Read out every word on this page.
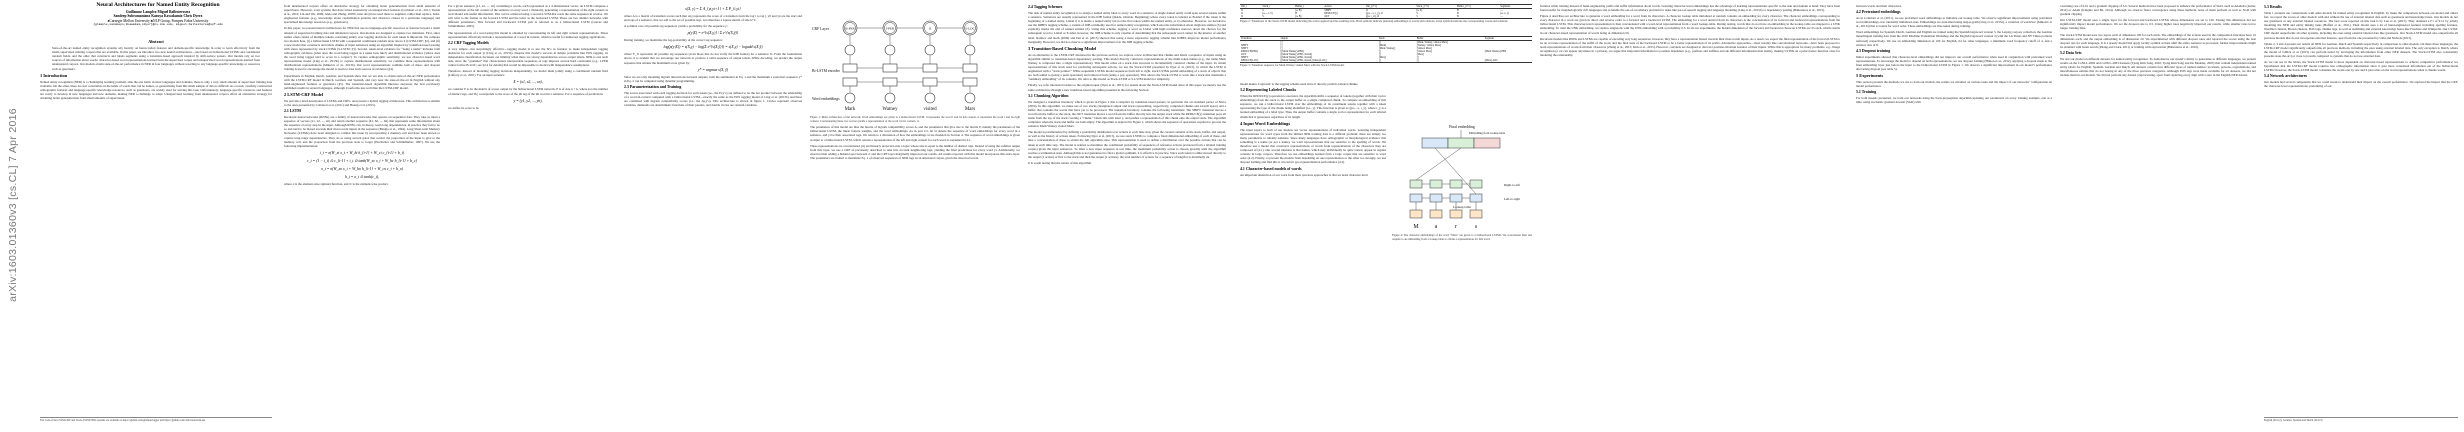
arXiv:1603.01360v3 [cs.CL] 7 Apr 2016
Neural Architectures for Named Entity Recognition
Guillaume Lample♠ Miguel Ballesteros♣♠
Sandeep Subramanian♠ Kazuya Kawakami♠ Chris Dyer♠
♠Carnegie Mellon University ♣NLP Group, Pompeu Fabra University
{glample,sandeeps,kkawakam,cdyer}@cs.cmu.edu, miguel.ballesteros@upf.edu
Abstract
State-of-the-art named entity recognition systems rely heavily on hand-crafted features and domain-specific knowledge in order to learn effectively from the small, supervised training corpora that are available. In this paper, we introduce two new neural architectures—one based on bidirectional LSTMs and conditional random fields, and the other that constructs and labels segments using a transition-based approach inspired by shift-reduce parsers. Our models rely on two sources of information about words: character-based word representations learned from the supervised corpus and unsupervised word representations learned from unannotated corpora. Our models obtain state-of-the-art performance in NER in four languages without resorting to any language-specific knowledge or resources such as gazetteers.
1 Introduction
Named entity recognition (NER) is a challenging learning problem. One the one hand, in most languages and domains, there is only a very small amount of supervised training data available. On the other, there are few constraints on the kinds of words that can be names, so generalizing from this small sample of data is difficult. As a result, carefully constructed orthographic features and language-specific knowledge resources, such as gazetteers, are widely used for solving this task. Unfortunately, language-specific resources and features are costly to develop in new languages and new domains, making NER a challenge to adapt. Unsupervised learning from unannotated corpora offers an alternative strategy for obtaining better generalization from small amounts of supervision.
The code of the LSTM-CRF and Stack-LSTM NER systems are available at https://github.com/glample/tagger and https://github.com/clab/stack-lstm-ner
from unannotated corpora offers an alternative strategy for obtaining better generalization from small amounts of supervision. However, even systems that have relied extensively on unsupervised features (Collobert et al., 2011; Turian et al., 2010; Lin and Wu, 2009; Ando and Zhang, 2005b, inter alia) have used these to augment, rather than replace, hand-engineered features (e.g., knowledge about capitalization patterns and character classes in a particular language) and specialized knowledge resources (e.g., gazetteers).
In this paper, we present neural architectures for NER that use no language-specific resources or features beyond a small amount of supervised training data and unlabeled corpora. Our models are designed to capture two intuitions. First, since names often consist of multiple tokens, reasoning jointly over tagging decisions for each token is important. We compare two models here, (i) a bidirectional LSTM with a sequential conditional random layer above it (LSTM-CRF; §2), and (ii) a new model that constructs and labels chunks of input sentences using an algorithm inspired by transition-based parsing with states represented by stack LSTMs (S-LSTM; §3). Second, token-level evidence for “being a name” includes both orthographic evidence (what does the word being tagged as a name look like?) and distributional evidence (where does the word being tagged tend to occur in a corpus?). To capture orthographic sensitivity, we use character-based word representation model (Ling et al., 2015b) to capture distributional sensitivity, we combine these representations with distributional representations (Mikolov et al., 2013b). Our word representations combine both of these, and dropout training is used to encourage the model to learn to trust both sources of evidence (§4).
Experiments in English, Dutch, German, and Spanish show that we are able to obtain state-of-the-art NER performance with the LSTM-CRF model in Dutch, German, and Spanish, and very near the state-of-the-art in English without any hand-engineered features or gazetteers (§5). The transition-based algorithm likewise surpasses the best previously published results in several languages, although it performs less well than the LSTM-CRF model.
2 LSTM-CRF Model
We provide a brief description of LSTMs and CRFs, and present a hybrid tagging architecture. This architecture is similar to the ones presented by Collobert et al. (2011) and Huang et al. (2015).
2.1 LSTM
Recurrent neural networks (RNNs) are a family of neural networks that operate on sequential data. They take as input a sequence of vectors (x1, x2, ..., xn) and return another sequence (h1, h2, ..., hn) that represents some information about the sequence at every step in the input. Although RNNs can, in theory, learn long dependencies, in practice they fail to do so and tend to be biased towards their most recent inputs in the sequence (Bengio et al., 1994). Long Short-term Memory Networks (LSTMs) have been designed to combat this issue by incorporating a memory-cell and have been shown to capture long-range dependencies. They do so using several gates that control the proportion of the input to give to the memory cell, and the proportion from the previous state to forget (Hochreiter and Schmidhuber, 1997). We use the following implementation:
i_t = σ(W_xi x_t + W_hi h_{t-1} + W_ci c_{t-1} + b_i)
c_t = (1 − i_t) ⊙ c_{t-1} + i_t ⊙ tanh(W_xc x_t + W_hc h_{t-1} + b_c)
o_t = σ(W_xo x_t + W_ho h_{t-1} + W_co c_t + b_o)
h_t = o_t ⊙ tanh(c_t),
where σ is the element-wise sigmoid function, and ⊙ is the element-wise product.
For a given sentence (x1, x2, ..., xn) containing n words, each represented as a d-dimensional vector, an LSTM computes a representation of the left context of the sentence at every word t. Naturally, generating a representation of the right context as well should add useful information. This can be achieved using a second LSTM that reads the same sequence in reverse. We will refer to the former as the forward LSTM and the latter as the backward LSTM. These are two distinct networks with different parameters. This forward and backward LSTM pair is referred to as a bidirectional LSTM (Graves and Schmidhuber, 2005).
The representation of a word using this model is obtained by concatenating its left and right context representations. These representations effectively include a representation of a word in context, which is useful for numerous tagging applications.
2.2 CRF Tagging Models
A very simple—but surprisingly effective—tagging model is to use the ht’s as features to make independent tagging decisions for each output yt (Ling et al., 2015b). Despite this model’s success in simple problems like POS tagging, its independent classification decisions are limiting when there are strong dependencies across output labels. NER is one such task, since the “grammar” that characterizes interpretable sequences of tags imposes several hard constraints (e.g., I-PER cannot follow B-LOC; see §2.4 for details) that would be impossible to model with independence assumptions.
Therefore, instead of modeling tagging decisions independently, we model them jointly using a conditional random field (Lafferty et al., 2001). For an input sentence
X = (x1, x2, ..., xn),
we consider P to be the matrix of scores output by the bidirectional LSTM network. P is of size n × k, where k is the number of distinct tags, and Pi,j corresponds to the score of the jth tag of the ith word in a sentence. For a sequence of predictions
y = (y1, y2, ..., yn),
we define its score to be
s(X, y) = Σ A_{yi,yi+1} + Σ P_{i,yi}
where A is a matrix of transition scores such that Ai,j represents the score of a transition from the tag i to tag j. y0 and yn are the start and end tags of a sentence, that we add to the set of possible tags. A is therefore a square matrix of size k+2.
A softmax over all possible tag sequences yields a probability for the sequence y:
p(y|X) = e^{s(X,y)} / Σ e^{s(X,ỹ)}
During training, we maximize the log-probability of the correct tag sequence:
log(p(y|X)) = s(X,y) − log(Σ e^{s(X,ỹ)}) = s(X,y) − logadd s(X,ỹ)
where Y_X represents all possible tag sequences (even those that do not verify the IOB format) for a sentence X. From the formulation above, it is evident that we encourage our network to produce a valid sequence of output labels. While decoding, we predict the output sequence that obtains the maximum score given by:
y* = argmax s(X, ỹ)
Since we are only modeling bigram interactions between outputs, both the summation in Eq. 1 and the maximum a posteriori sequence y* in Eq. 2 can be computed using dynamic programming.
2.3 Parameterization and Training
The scores associated with each tagging decision for each token (i.e., the Pi,y’s) are defined to be the dot product between the embedding of a word-in-context computed with a bidirectional LSTM—exactly the same as the POS tagging model of Ling et al. (2015b) and these are combined with bigram compatibility scores (i.e., the Ay,y’s). This architecture is shown in figure 1. Circles represent observed variables, diamonds are deterministic functions of their parents, and double circles are random variables.
Mark
B-PER
Watney
I-PER
visited
O
Mars
S-LOC
CRF Layer
Bi-LSTM encoder
Word embeddings
Figure 1: Main architecture of the network. Word embeddings are given to a bidirectional LSTM. li represents the word i and its left context, ri represents the word i and its right context. Concatenating these two vectors yields a representation of the word i in its context, ci.
The parameters of this model are thus the matrix of bigram compatibility scores A, and the parameters that give rise to the matrix P, namely the parameters of the bidirectional LSTM, the linear feature weights, and the word embeddings. As in part 2.2, let xi denote the sequence of word embeddings for every word in a sentence, and yi be their associated tags. We return to a discussion of how the embeddings xi are modeled in Section 4. The sequence of word embeddings is given as input to a bidirectional LSTM, which returns a representation of the left and right context for each word as explained in 2.1.
These representations are concatenated (ci) and linearly projected onto a layer whose size is equal to the number of distinct tags. Instead of using the softmax output from this layer, we use a CRF as previously described to take into account neighboring tags, yielding the final predictions for every word yi. Additionally, we observed that adding a hidden layer between ci and the CRF layer marginally improved our results. All results reported with this model incorporate this extra-layer. The parameters are trained to maximize Eq. 1 of observed sequences of NER tags in an annotated corpus, given the observed words.
2.4 Tagging Schemes
The task of named entity recognition is to assign a named entity label to every word in a sentence. A single named entity could span several tokens within a sentence. Sentences are usually represented in the IOB format (Inside, Outside, Beginning) where every token is labeled as B-label if the token is the beginning of a named entity, I-label if it is inside a named entity but not the first token within the named entity, or O otherwise. However, we decided to use the IOBES tagging scheme, a variant of IOB commonly used for named entity recognition, which encodes information about singleton entities (S) and explicitly marks the end of named entities (E). Using this scheme, tagging a word as I-label with high-confidence narrows down the choices for the subsequent word to I-label or E-label, however, the IOB scheme is only capable of determining that the subsequent word cannot be the interior of another label. Ratinov and Roth (2009) and Dai et al. (2015) showed that using a more expressive tagging scheme like IOBES improves model performance marginally. However, we did not observe a significant improvement over the IOB tagging scheme.
3 Transition-Based Chunking Model
As an alternative to the LSTM-CRF discussed in the previous section, we explore a new architecture that chunks and labels a sequence of inputs using an algorithm similar to transition-based dependency parsing. This model directly constructs representations of the multi-token names (e.g., the name Mark Watney is composed into a single representation). This model relies on a stack data structure to incrementally construct chunks of the input. To obtain representations of this stack used for predicting subsequent actions, we use the Stack-LSTM presented by Dyer et al. (2015), in which the LSTM is augmented with a “stack pointer.” While sequential LSTMs model sequences from left to right, stack LSTMs permit embedding of a stack of objects that are both added to (using a push operation) and removed from (using a pop operation). This allows the Stack-LSTM to work like a stack that maintains a “summary embedding” of its contents. We refer to this model as Stack-LSTM or S-LSTM model for simplicity.
Finally, we refer interested readers to the original paper (Dyer et al., 2015) for details about the Stack-LSTM model since in this paper we merely use the same architecture through a new transition-based algorithm presented in the following Section.
3.1 Chunking Algorithm
We designed a transition inventory which is given in Figure 2 that is inspired by transition-based parsers, in particular the arc-standard parser of Nivre (2004). In this algorithm, we make use of two stacks (designated output and stack representing, respectively, completed chunks and scratch space) and a buffer that contains the words that have yet to be processed. The transition inventory contains the following transitions: The SHIFT transition moves a word from the buffer to the stack, the OUT transition moves a word from the buffer directly into the output stack while the REDUCE(y) transition pops all items from the top of the stack creating a “chunk,” labels this with label y, and pushes a representation of this chunk onto the output stack. The algorithm completes when the stack and buffer are both empty. The algorithm is depicted in Figure 2, which shows the sequence of operations required to process the sentence Mark Watney visited Mars.
The model is parameterized by defining a probability distribution over actions at each time step, given the current contents of the stack, buffer, and output, as well as the history of actions taken. Following Dyer et al. (2015), we use stack LSTMs to compute a fixed dimensional embedding of each of these, and take a concatenation of these to obtain the full algorithm state. This representation is used to define a distribution over the possible actions that can be taken at each time step. The model is trained to maximize the conditional probability of sequences of reference actions (extracted from a labeled training corpus) given the input sentences. To label a new input sequence at test time, the maximum probability action is chosen greedily until the algorithm reaches a termination state. Although this is not guaranteed to find a global optimum, it is effective in practice. Since each token is either moved directly to the output (1 action) or first to the stack and then the output (2 actions), the total number of actions for a sequence of length n is maximally 2n.
It is worth noting that the nature of this algorithm
Out_t	Stack_t	Buffer_t	Action	Out_{t+1}	Stack_{t+1}	Buffer_{t+1}	Segments
O	S	(u, B)	SHIFT	O	(u, S)	B	—
O	(u,...,v, S)	B	REDUCE(y)	g(u,...,v, r_y), O	S	B	(u...v, y)
O	S	(u, B)	OUT	g(u, r_∅), O	S	B	—
Figure 2: Transitions of the Stack-LSTM model indicating the action applied and the resulting state. Bold symbols indicate (learned) embeddings of words and relations, script symbols indicate the corresponding words and relations.
Transition	Output	Stack	Buffer	Segment
	[]	[]	[Mark, Watney, visited, Mars]	
SHIFT	[]	[Mark]	[Watney, visited, Mars]	
SHIFT	[]	[Mark, Watney]	[visited, Mars]	
REDUCE(PER)	[(Mark Watney)-PER]	[]	[visited, Mars]	(Mark Watney)-PER
OUT	[(Mark Watney)-PER, visited]	[]	[Mars]	
SHIFT	[(Mark Watney)-PER, visited]	[Mars]	[]	
REDUCE(LOC)	[(Mark Watney)-PER, visited, (Mars)-LOC]	[]	[]	(Mars)-LOC
Figure 3: Transition sequence for Mark Watney visited Mars with the Stack-LSTM model.
model makes it agnostic to the tagging scheme used since it directly predicts labeled chunks.
3.2 Representing Labeled Chunks
When the REDUCE(y) operation is executed, the algorithm shifts a sequence of tokens (together with their vector embeddings) from the stack to the output buffer as a single completed chunk. To compute an embedding of this sequence, we run a bidirectional LSTM over the embeddings of its constituent tokens together with a token representing the type of the chunk being identified (i.e., y). This function is given as g(u,...,v, r_y), where r_y is a learned embedding of a label type. Thus, the output buffer contains a single vector representation for each labeled chunk that is generated, regardless of its length.
4 Input Word Embeddings
The input layers to both of our models are vector representations of individual words. Learning independent representations for word types from the limited NER training data is a difficult problem: there are simply too many parameters to reliably estimate. Since many languages have orthographic or morphological evidence that something is a name (or not a name), we want representations that are sensitive to the spelling of words. We therefore use a model that constructs representations of words from representations of the characters they are composed of (4.1). Our second intuition is that names, which may individually be quite varied, appear in regular contexts in large corpora. Therefore we use embeddings learned from a large corpus that are sensitive to word order (4.2). Finally, to prevent the models from depending on one representation or the other too strongly, we use dropout training and find this is crucial for good generalization performance (4.3).
4.1 Character-based models of words
An important distinction of our work from most previous approaches is that we learn character-level
M	a	r	s
Lookup table
Left-to-right
Right-to-left
Embedding from lookup table
Final embedding
Figure 4: The character embeddings of the word “Mars” are given to a bidirectional LSTMs. We concatenate their last outputs to an embedding from a lookup table to obtain a representation for this word.
features while training instead of hand-engineering prefix and suffix information about words. Learning character-level embeddings has the advantage of learning representations specific to the task and domain at hand. They have been found useful for morphologically rich languages and to handle the out-of-vocabulary problem for tasks like part-of-speech tagging and language modeling (Ling et al., 2015b) or dependency parsing (Ballesteros et al., 2015).
Figure 4 describes our architecture to generate a word embedding for a word from its characters. A character lookup table initialized at random contains an embedding for every character. The character embeddings corresponding to every character in a word are given in direct and reverse order to a forward and a backward LSTM. The embedding for a word derived from its characters is the concatenation of its forward and backward representations from the bidirectional LSTM. This character-level representation is then concatenated with a word-level representation from a word lookup-table. During testing, words that do not have an embedding in the lookup table are mapped to a UNK embedding. To train the UNK embedding, we replace singletons with the UNK embedding with a probability 0.5. In all our experiments, the hidden dimension of the forward and backward character LSTMs are 25 each, which results in our character-based representation of words being of dimension 50.
Recurrent models like RNNs and LSTMs are capable of encoding very long sequences, however, they have a representation biased towards their most recent inputs. As a result, we expect the final representation of the forward LSTM to be an accurate representation of the suffix of the word, and the final state of the backward LSTM to be a better representation of its prefix. Alternative approaches—most notably like convolutional networks—have been proposed to learn representations of words from their characters (Zhang et al., 2015; Kim et al., 2015). However, convnets are designed to discover position-invariant features of their inputs. While this is appropriate for many problems, e.g., image recognition (a cat can appear anywhere in a picture), we argue that important information is position dependent (e.g., prefixes and suffixes encode different information than stems), making LSTMs an a priori better function class for modeling the relationship
between words and their characters.
4.2 Pretrained embeddings
As in Collobert et al. (2011), we use pretrained word embeddings to initialize our lookup table. We observe significant improvements using pretrained word embeddings over randomly initialized ones. Embeddings are pretrained using skip-n-gram (Ling et al., 2015a), a variation of word2vec (Mikolov et al., 2013a) that accounts for word order. These embeddings are fine-tuned during training.
Word embeddings for Spanish, Dutch, German and English are trained using the Spanish Gigaword version 3, the Leipzig corpora collection, the German monolingual training data from the 2010 Machine Translation Workshop and the English Gigaword version 4 (with the LA Times and NY Times portions removed) respectively. We use an embedding dimension of 100 for English, 64 for other languages, a minimum word frequency cutoff of 4, and a window size of 8.
4.3 Dropout training
Initial experiments showed that character-level embeddings did not improve our overall performance when used in conjunction with pretrained word representations. To encourage the model to depend on both representations, we use dropout training (Hinton et al., 2012), applying a dropout mask to the final embedding layer just before the input to the bidirectional LSTM in Figure 1. We observe a significant improvement in our model’s performance after using dropout (see table 5).
5 Experiments
This section presents the methods we use to train our models, the results we obtained on various tasks and the impact of our networks’ configuration on model performance.
5.1 Training
For both models presented, we train our networks using the back-propagation algorithm updating our parameters on every training example, one at a time, using stochastic gradient descent (SGD) with
a learning rate of 0.01 and a gradient clipping of 5.0. Several methods have been proposed to enhance the performance of SGD, such as Adadelta (Zeiler, 2012) or Adam (Kingma and Ba, 2014). Although we observe faster convergence using these methods, none of them perform as well as SGD with gradient clipping.
Our LSTM-CRF model uses a single layer for the forward and backward LSTMs whose dimensions are set to 100. Tuning this dimension did not significantly impact model performance. We set the dropout rate to 0.5. Using higher rates negatively impacted our results, while smaller rates led to longer training time.
The stack-LSTM model uses two layers each of dimension 100 for each stack. The embeddings of the actions used in the composition functions have 16 dimensions each, and the output embedding is of dimension 20. We experimented with different dropout rates and reported the scores using the best dropout rate for each language. It is a greedy model that apply locally optimal actions until the entire sentence is processed, further improvements might be obtained with beam search (Zhang and Clark, 2011) or training with exploration (Ballesteros et al., 2016).
5.2 Data Sets
We test our model on different datasets for named entity recognition. To demonstrate our model’s ability to generalize to different languages, we present results on the CoNLL-2002 and CoNLL-2003 datasets (Tjong Kim Sang, 2002; Tjong Kim Sang and De Meulder, 2003) that contain independent named entity labels for English, Spanish, German and Dutch. All datasets contain four different types of named entities: locations, persons, organizations, and miscellaneous entities that do not belong in any of the three previous categories. Although POS tags were made available for all datasets, we did not include them in our models. We did not perform any dataset preprocessing, apart from replacing every digit with a zero in the English NER dataset.
5.3 Results
Table 1 presents our comparisons with other models for named entity recognition in English. To make the comparison between our model and others fair, we report the scores of other models with and without the use of external labeled data such as gazetteers and knowledge bases. Our models do not use gazetteers or any external labeled resources. The best score reported on this task is by Luo et al. (2015). They obtained a F1 of 91.2 by jointly modeling the NER and entity linking tasks (Hoffart et al., 2011). Their model uses a lot of hand-engineered features including spelling features, WordNet clusters, Brown clusters, POS tags, chunks tags, as well as stemming and external knowledge bases like Freebase and Wikipedia. Our LSTM-CRF model outperforms all other systems, including the ones using external labeled data like gazetteers. Our Stack-LSTM model also outperforms all previous models that do not incorporate external features, apart from the one presented by Chiu and Nichols (2015).
Tables 2, 3 and 4 present our results on NER for German, Dutch and Spanish respectively in comparison to other models. On these three languages, the LSTM-CRF model significantly outperforms all previous methods, including the ones using external labeled data. The only exception is Dutch, where the model of Gillick et al. (2015) can perform better by leveraging the information from other NER datasets. The Stack-LSTM also consistently presents state-the-art (or close to) results compared to systems that do not use external data.
As we can see in the tables, the Stack-LSTM model is more dependent on character-based representations to achieve competitive performance; we hypothesize that the LSTM-CRF model requires less orthographic information since it gets more contextual information out of the bidirectional LSTMs; however, the Stack-LSTM model consumes the words one by one and it just relies on the word representations when it chunks words.
5.4 Network architectures
Our models had several components that we could tweak to understand their impact on the overall performance. We explored the impact that the CRF, the character-level representations, pretraining of our
English (D=0.2), German, Spanish and Dutch (D=0.3)
